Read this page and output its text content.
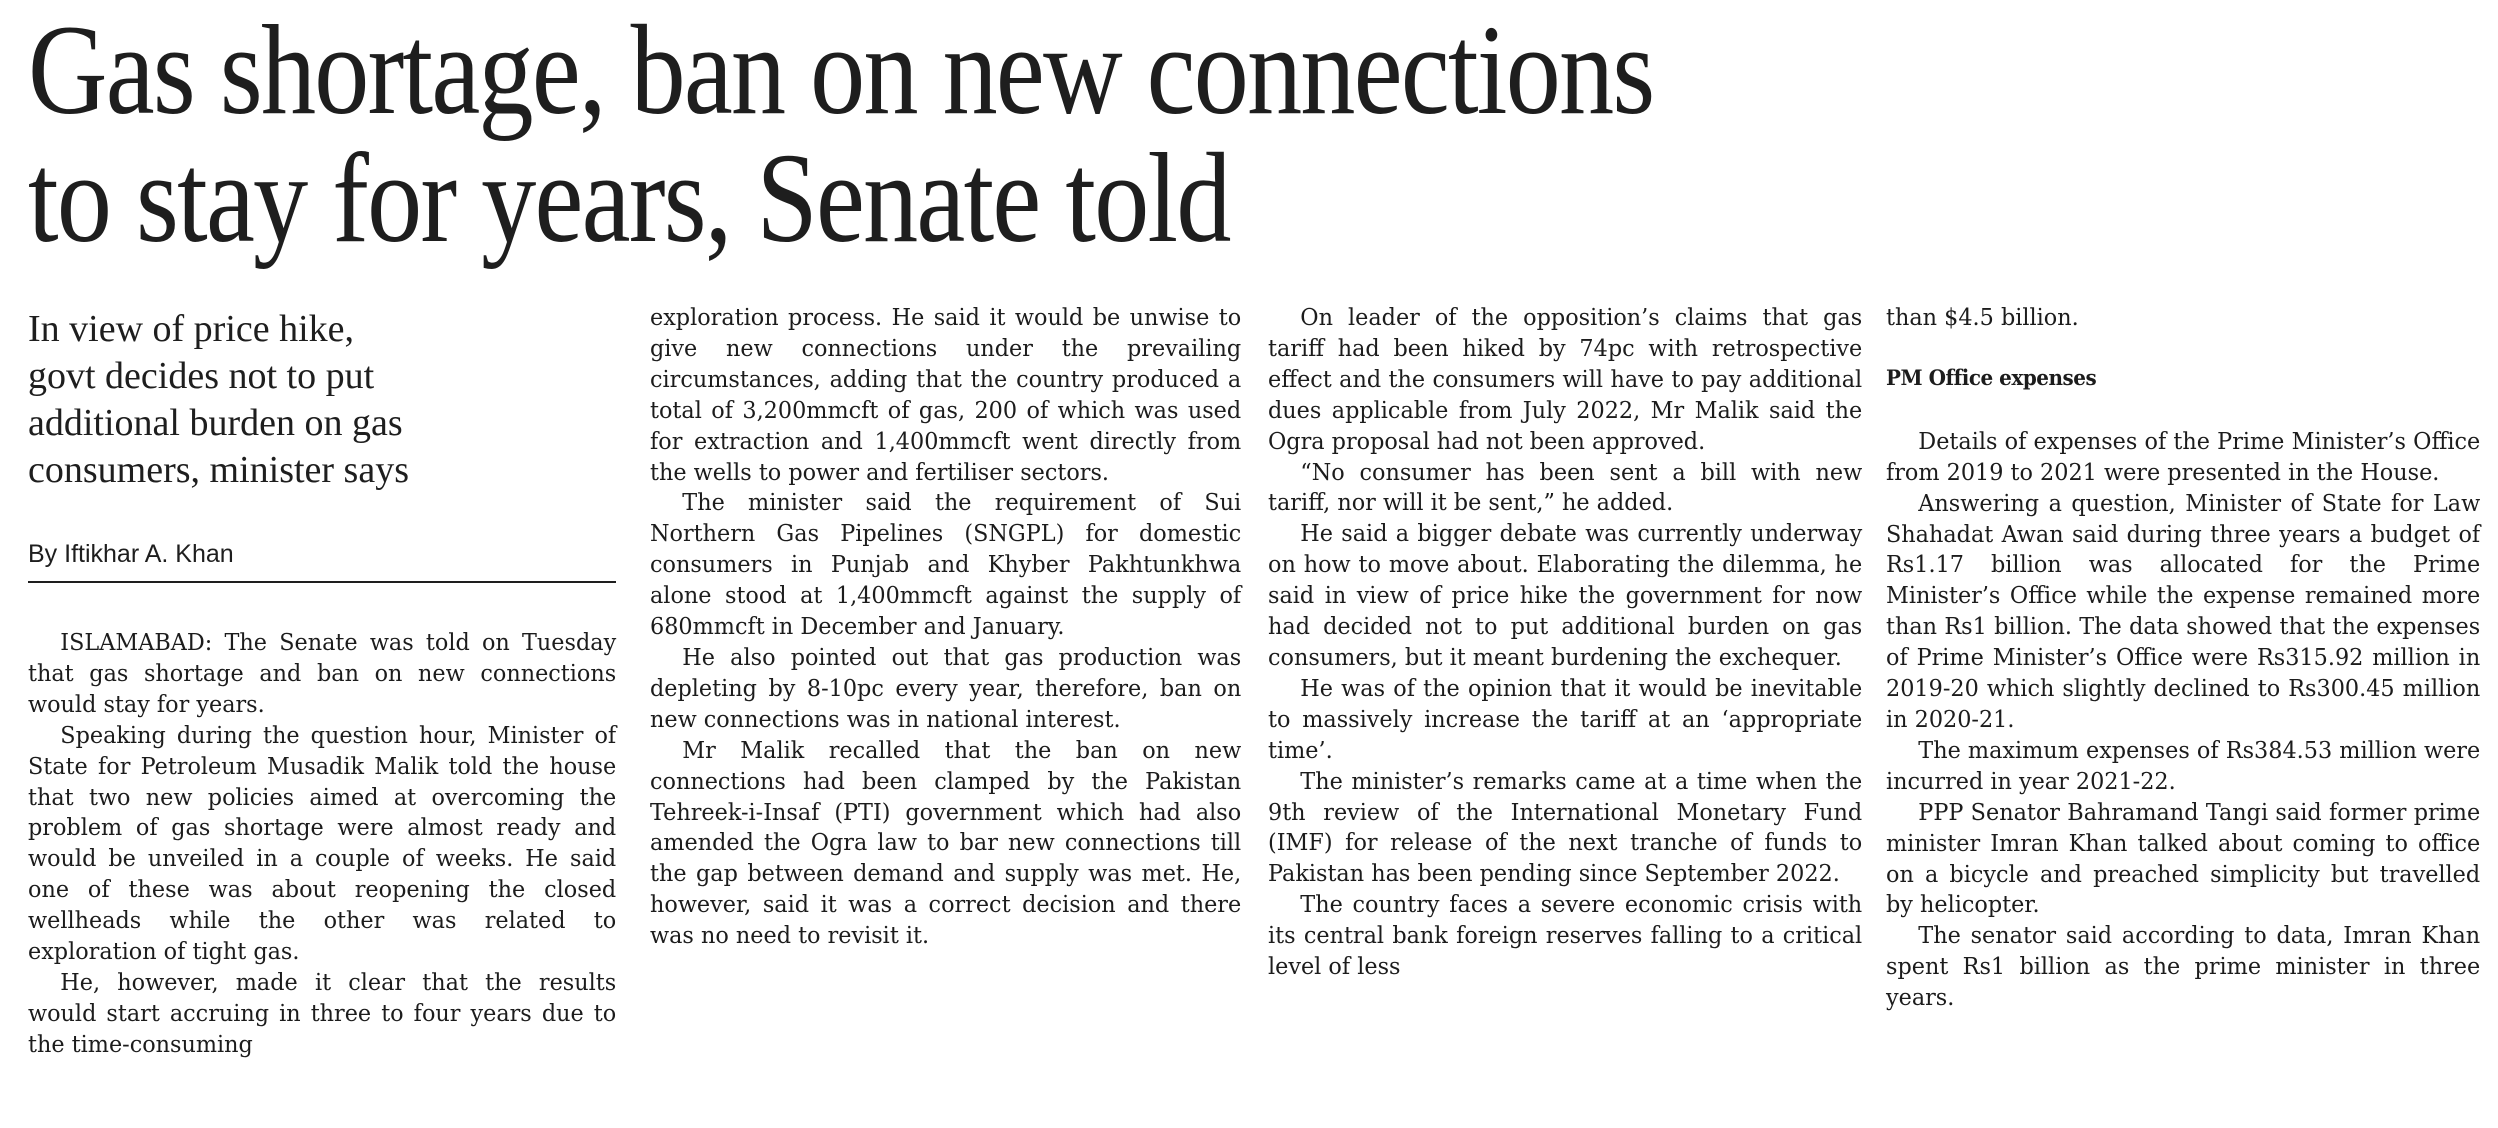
Gas shortage, ban on new connections
to stay for years, Senate told
In view of price hike,
govt decides not to put
additional burden on gas
consumers, minister says
By Iftikhar A. Khan

ISLAMABAD: The Senate was told on Tuesday that gas shortage and ban on new connections would stay for years.

Speaking during the question hour, Minister of State for Petroleum Musadik Malik told the house that two new policies aimed at overcoming the problem of gas shortage were almost ready and would be unveiled in a couple of weeks. He said one of these was about reopening the closed wellheads while the other was related to exploration of tight gas.

He, however, made it clear that the results would start accruing in three to four years due to the time-consuming

exploration process. He said it would be unwise to give new connections under the prevailing circumstances, adding that the country produced a total of 3,200mmcft of gas, 200 of which was used for extraction and 1,400mmcft went directly from the wells to power and fertiliser sectors.

The minister said the requirement of Sui Northern Gas Pipelines (SNGPL) for domestic consumers in Punjab and Khyber Pakhtunkhwa alone stood at 1,400mmcft against the supply of 680mmcft in December and January.

He also pointed out that gas production was depleting by 8-10pc every year, therefore, ban on new connections was in national interest.

Mr Malik recalled that the ban on new connections had been clamped by the Pakistan Tehreek-i-Insaf (PTI) government which had also amended the Ogra law to bar new connections till the gap between demand and supply was met. He, however, said it was a correct decision and there was no need to revisit it.

On leader of the opposition’s claims that gas tariff had been hiked by 74pc with retrospective effect and the consumers will have to pay additional dues applicable from July 2022, Mr Malik said the Ogra proposal had not been approved.

“No consumer has been sent a bill with new tariff, nor will it be sent,” he added.

He said a bigger debate was currently underway on how to move about. Elaborating the dilemma, he said in view of price hike the government for now had decided not to put additional burden on gas consumers, but it meant burdening the exchequer.

He was of the opinion that it would be inevitable to massively increase the tariff at an ‘appropriate time’.

The minister’s remarks came at a time when the 9th review of the International Monetary Fund (IMF) for release of the next tranche of funds to Pakistan has been pending since September 2022.

The country faces a severe economic crisis with its central bank foreign reserves falling to a critical level of less

than $4.5 billion.

PM Office expenses

Details of expenses of the Prime Minister’s Office from 2019 to 2021 were presented in the House.

Answering a question, Minister of State for Law Shahadat Awan said during three years a budget of Rs1.17 billion was allocated for the Prime Minister’s Office while the expense remained more than Rs1 billion. The data showed that the expenses of Prime Minister’s Office were Rs315.92 million in 2019-20 which slightly declined to Rs300.45 million in 2020-21.

The maximum expenses of Rs384.53 million were incurred in year 2021-22.

PPP Senator Bahramand Tangi said former prime minister Imran Khan talked about coming to office on a bicycle and preached simplicity but travelled by helicopter.

The senator said according to data, Imran Khan spent Rs1 billion as the prime minister in three years.
